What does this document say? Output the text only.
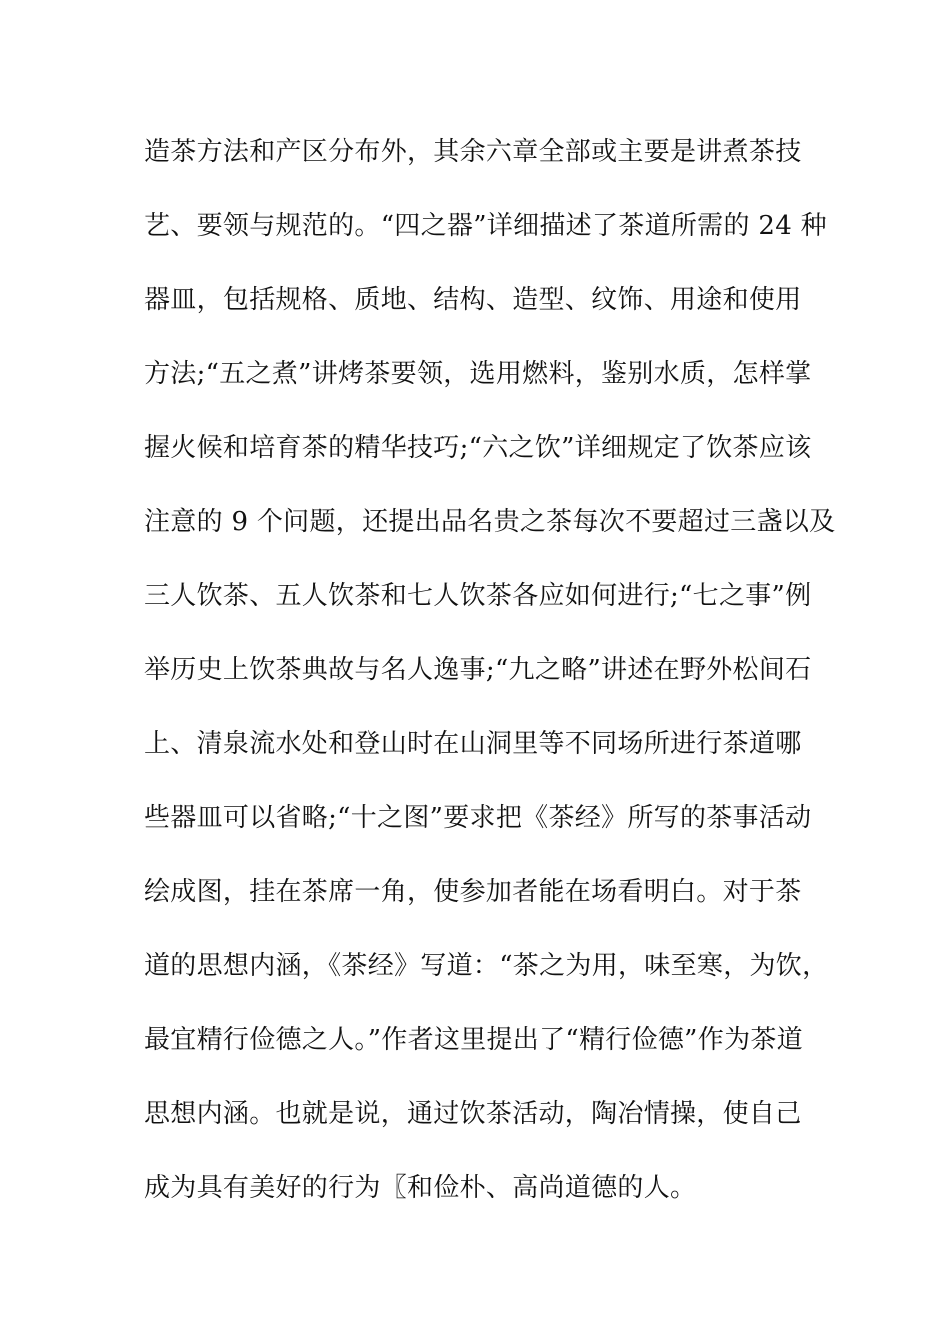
造茶方法和产区分布外，其余六章全部或主要是讲煮茶技
艺、要领与规范的。“四之器”详细描述了茶道所需的 24 种
器皿，包括规格、质地、结构、造型、纹饰、用途和使用
方法;“五之煮”讲烤茶要领，选用燃料，鉴别水质，怎样掌
握火候和培育茶的精华技巧;“六之饮”详细规定了饮茶应该
注意的 9 个问题，还提出品名贵之茶每次不要超过三盏以及
三人饮茶、五人饮茶和七人饮茶各应如何进行;“七之事”例
举历史上饮茶典故与名人逸事;“九之略”讲述在野外松间石
上、清泉流水处和登山时在山洞里等不同场所进行茶道哪
些器皿可以省略;“十之图”要求把《茶经》所写的茶事活动
绘成图，挂在茶席一角，使参加者能在场看明白。对于茶
道的思想内涵，《茶经》写道：“茶之为用，味至寒，为饮，
最宜精行俭德之人。”作者这里提出了“精行俭德”作为茶道
思想内涵。也就是说，通过饮茶活动，陶冶情操，使自己
成为具有美好的行为〖和俭朴、高尚道德的人。
